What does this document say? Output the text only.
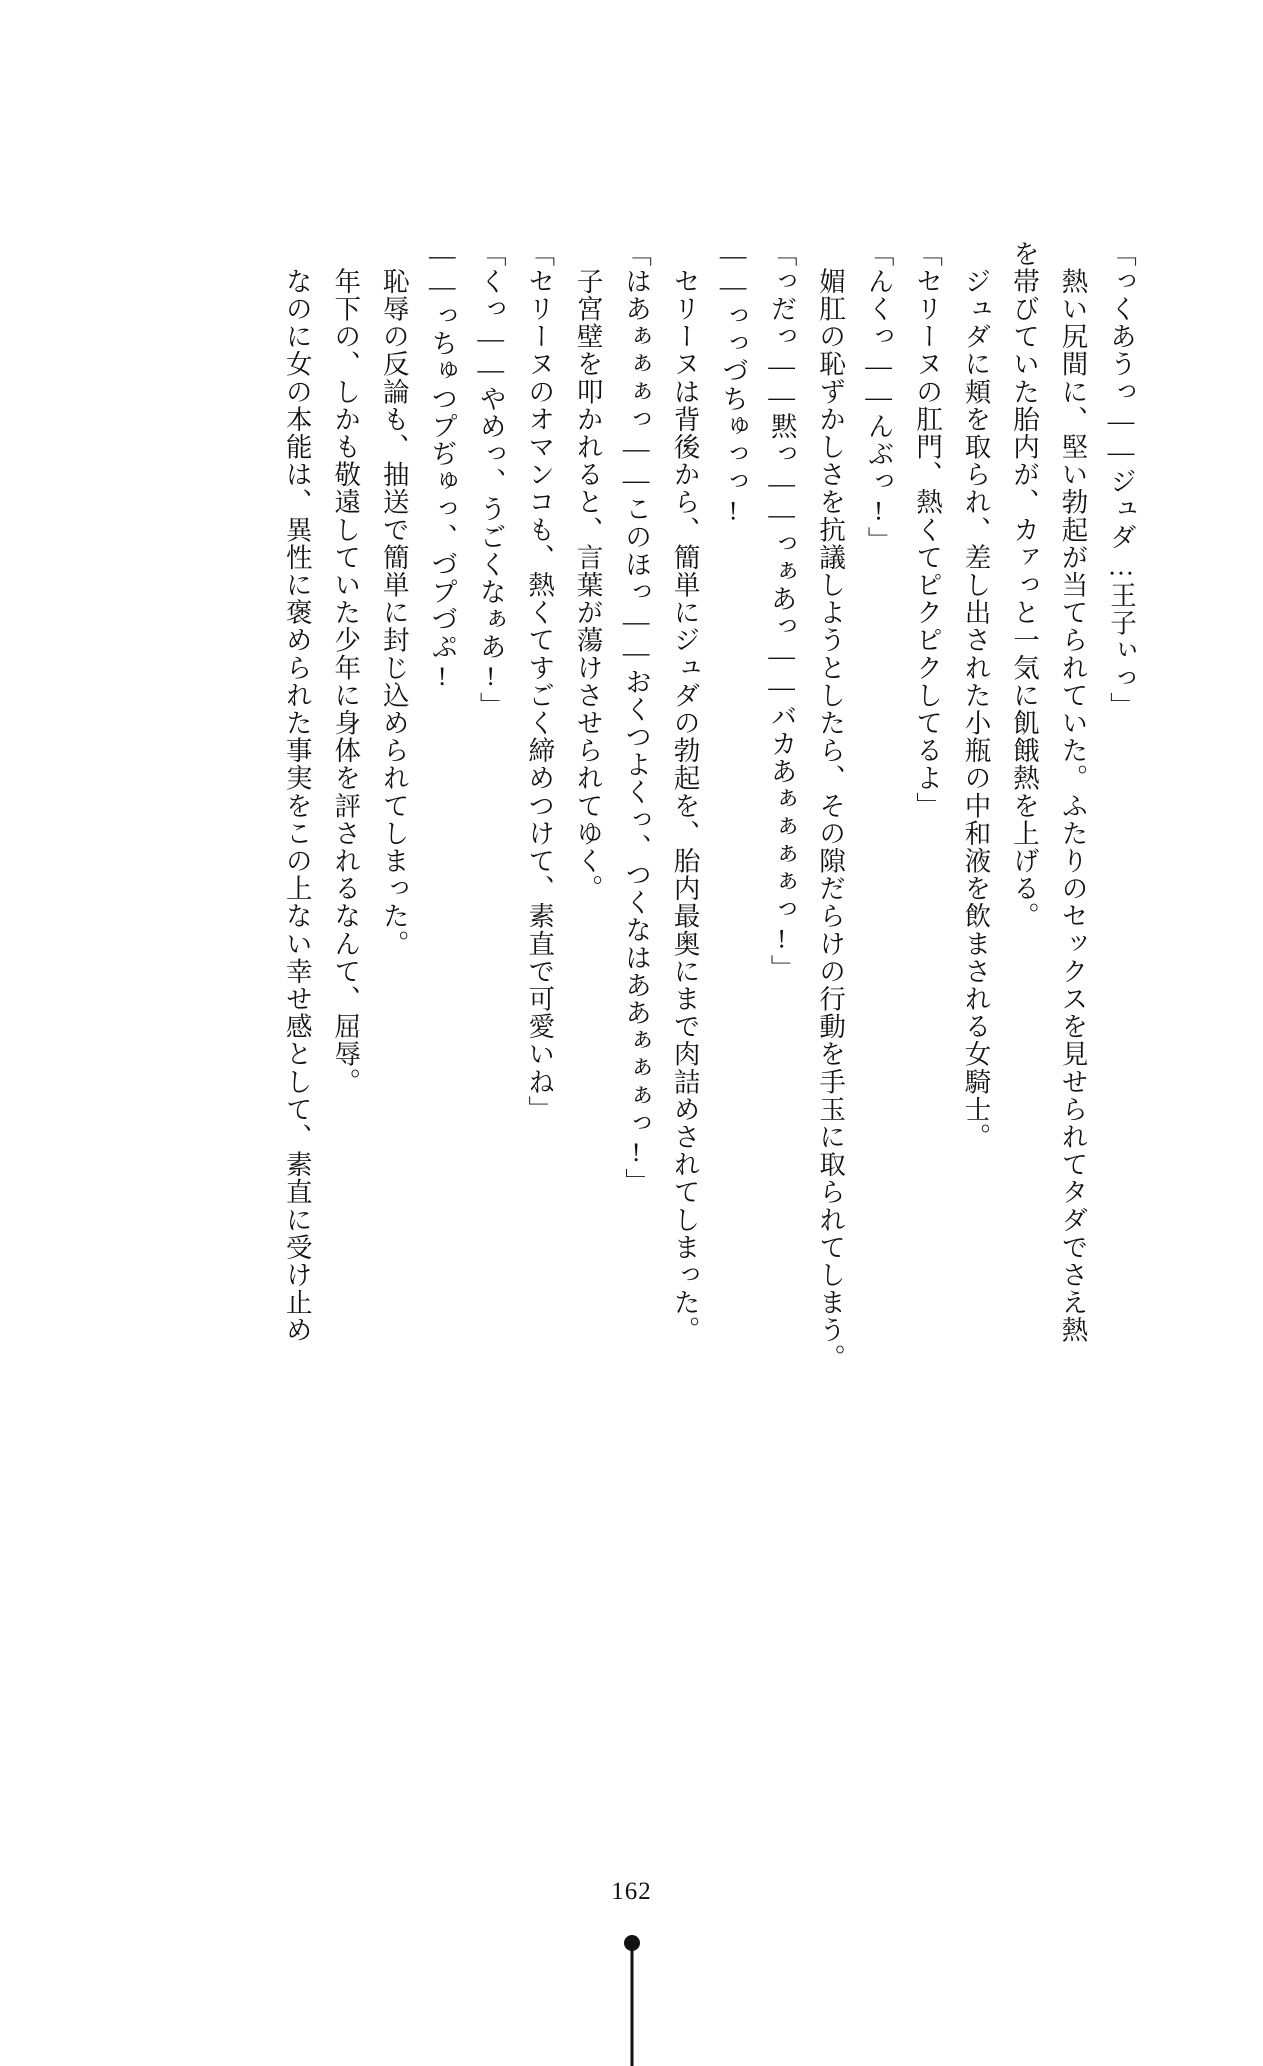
「っくあうっ——ジュダ…王子ぃっ」

　熱い尻間に、堅い勃起が当てられていた。ふたりのセックスを見せられてタダでさえ熱

を帯びていた胎内が、カァっと一気に飢餓熱を上げる。

　ジュダに頬を取られ、差し出された小瓶の中和液を飲まされる女騎士。

「セリーヌの肛門、熱くてピクピクしてるよ」

「んくっ——んぶっ!」

　媚肛の恥ずかしさを抗議しようとしたら、その隙だらけの行動を手玉に取られてしまう。

「っだっ——黙っ——っぁあっ——バカあぁぁぁぁっ!」

——っっづちゅっっ!

　セリーヌは背後から、簡単にジュダの勃起を、胎内最奥にまで肉詰めされてしまった。

「はあぁぁぁっ——このほっ——おくつよくっ、つくなはああぁぁぁっ!」

　子宮壁を叩かれると、言葉が蕩けさせられてゆく。

「セリーヌのオマンコも、熱くてすごく締めつけて、素直で可愛いね」

「くっ——やめっ、うごくなぁあ!」

——っちゅつプぢゅっ、づプづぷ!

　恥辱の反論も、抽送で簡単に封じ込められてしまった。

　年下の、しかも敬遠していた少年に身体を評されるなんて、屈辱。

　なのに女の本能は、異性に褒められた事実をこの上ない幸せ感として、素直に受け止め

162
